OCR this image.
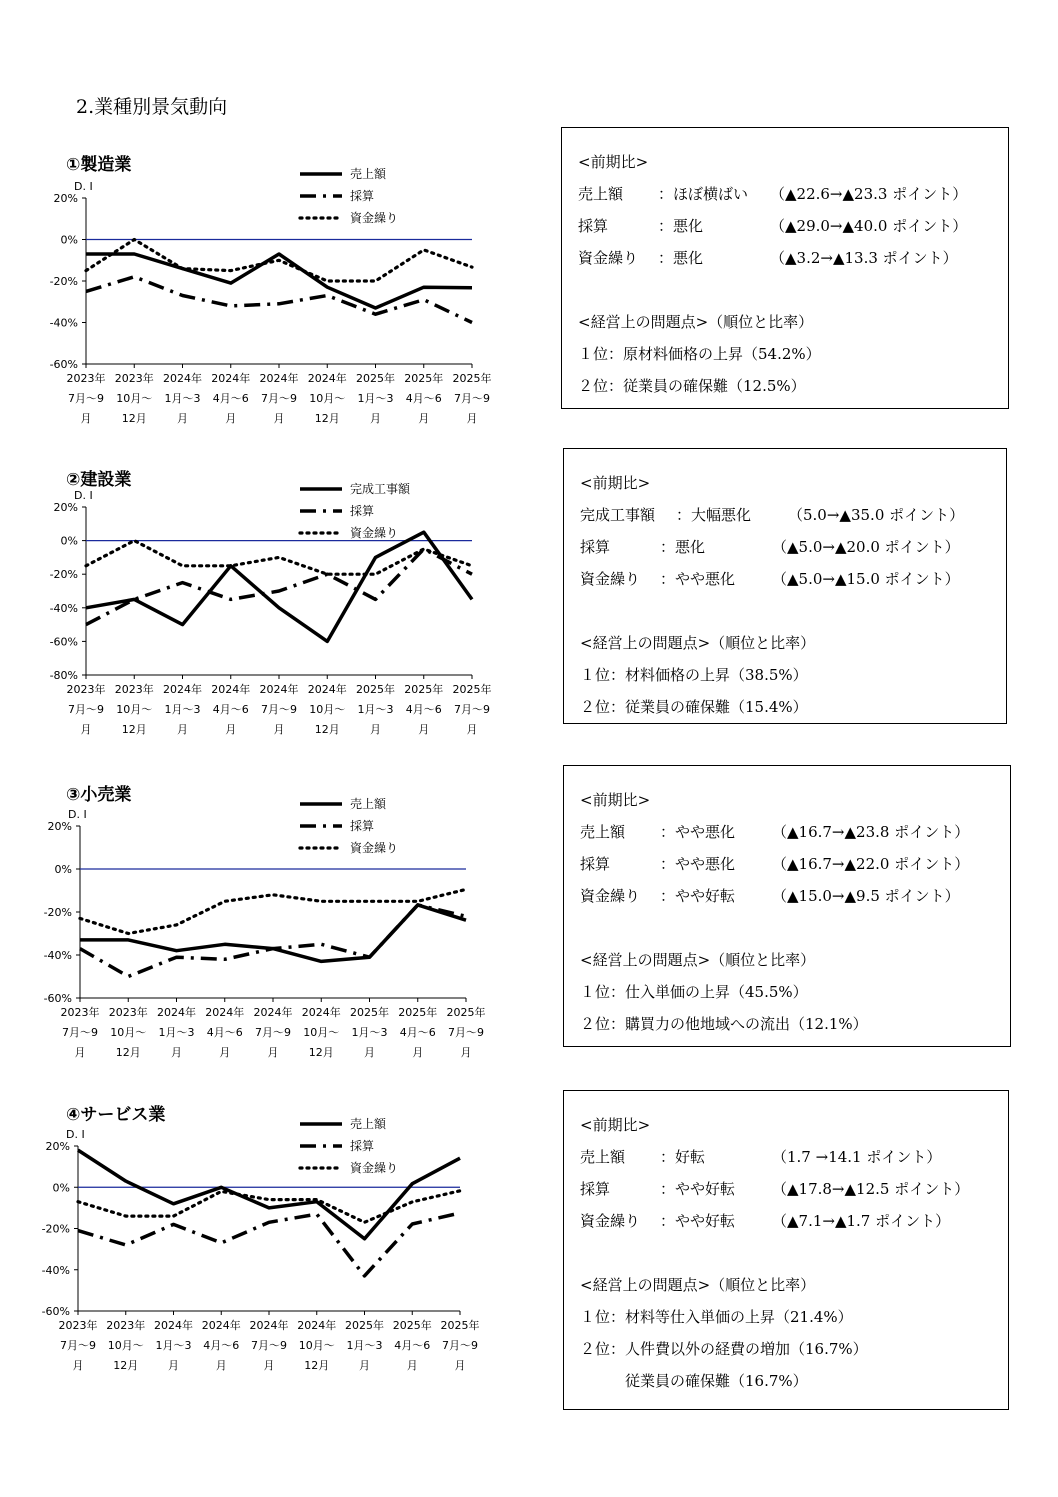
2.業種別景気動向
①製造業
D. I
20%
0%
-20%
-40%
-60%
2023年
7月～9
月
2023年
10月～
12月
2024年
1月～3
月
2024年
4月～6
月
2024年
7月～9
月
2024年
10月～
12月
2025年
1月～3
月
2025年
4月～6
月
2025年
7月～9
月
売上額
採算
資金繰り
<前期比>
売上額 ：ほぼ横ばい （▲22.6→▲23.3 ポイント）
採算	：悪化	（▲29.0→▲40.0 ポイント）
資金繰り ：悪化	（▲3.2→▲13.3 ポイント）
<経営上の問題点>（順位と比率）
１位：原材料価格の上昇（54.2%）
２位：従業員の確保難（12.5%）
②建設業
D. I
20%
0%
-20%
-40%
-60%
-80%
2023年
7月～9
月
2023年
10月～
12月
2024年
1月～3
月
2024年
4月～6
月
2024年
7月～9
月
2024年
10月～
12月
2025年
1月～3
月
2025年
4月～6
月
2025年
7月～9
月
完成工事額
採算
資金繰り
<前期比>
完成工事額 ：大幅悪化 （5.0→▲35.0 ポイント）
採算	：悪化	（▲5.0→▲20.0 ポイント）
資金繰り ：やや悪化 （▲5.0→▲15.0 ポイント）
<経営上の問題点>（順位と比率）
１位：材料価格の上昇（38.5%）
２位：従業員の確保難（15.4%）
③小売業
D. I
20%
0%
-20%
-40%
-60%
2023年
7月～9
月
2023年
10月～
12月
2024年
1月～3
月
2024年
4月～6
月
2024年
7月～9
月
2024年
10月～
12月
2025年
1月～3
月
2025年
4月～6
月
2025年
7月～9
月
売上額
採算
資金繰り
<前期比>
売上額 ：やや悪化 （▲16.7→▲23.8 ポイント）
採算	：やや悪化 （▲16.7→▲22.0 ポイント）
資金繰り ：やや好転 （▲15.0→▲9.5 ポイント）
<経営上の問題点>（順位と比率）
１位：仕入単価の上昇（45.5%）
２位：購買力の他地域への流出（12.1%）
④サービス業
D. I
20%
0%
-20%
-40%
-60%
2023年
7月～9
月
2023年
10月～
12月
2024年
1月～3
月
2024年
4月～6
月
2024年
7月～9
月
2024年
10月～
12月
2025年
1月～3
月
2025年
4月～6
月
2025年
7月～9
月
売上額
採算
資金繰り
<前期比>
売上額 ：好転	（1.7 →14.1 ポイント）
採算	：やや好転 （▲17.8→▲12.5 ポイント）
資金繰り ：やや好転 （▲7.1→▲1.7 ポイント）
<経営上の問題点>（順位と比率）
１位：材料等仕入単価の上昇（21.4%）
２位：人件費以外の経費の増加（16.7%）
　　　従業員の確保難（16.7%）
